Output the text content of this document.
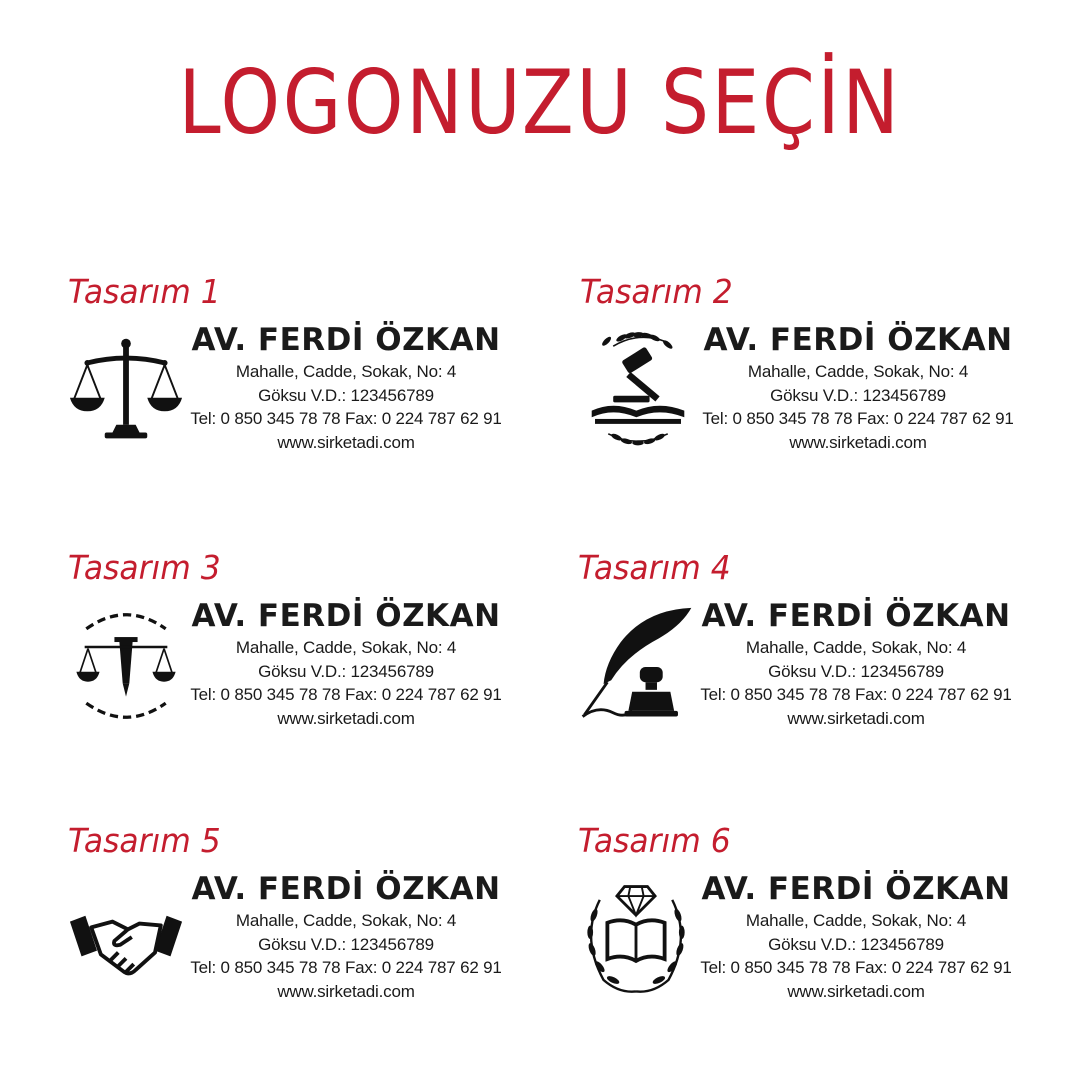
LOGONUZU SEÇİN
Tasarım 1
AV. FERDİ ÖZKAN
Mahalle, Cadde, Sokak, No: 4
Göksu V.D.: 123456789
Tel: 0 850 345 78 78 Fax: 0 224 787 62 91
www.sirketadi.com
Tasarım 2
AV. FERDİ ÖZKAN
Mahalle, Cadde, Sokak, No: 4
Göksu V.D.: 123456789
Tel: 0 850 345 78 78 Fax: 0 224 787 62 91
www.sirketadi.com
Tasarım 3
AV. FERDİ ÖZKAN
Mahalle, Cadde, Sokak, No: 4
Göksu V.D.: 123456789
Tel: 0 850 345 78 78 Fax: 0 224 787 62 91
www.sirketadi.com
Tasarım 4
AV. FERDİ ÖZKAN
Mahalle, Cadde, Sokak, No: 4
Göksu V.D.: 123456789
Tel: 0 850 345 78 78 Fax: 0 224 787 62 91
www.sirketadi.com
Tasarım 5
AV. FERDİ ÖZKAN
Mahalle, Cadde, Sokak, No: 4
Göksu V.D.: 123456789
Tel: 0 850 345 78 78 Fax: 0 224 787 62 91
www.sirketadi.com
Tasarım 6
AV. FERDİ ÖZKAN
Mahalle, Cadde, Sokak, No: 4
Göksu V.D.: 123456789
Tel: 0 850 345 78 78 Fax: 0 224 787 62 91
www.sirketadi.com
